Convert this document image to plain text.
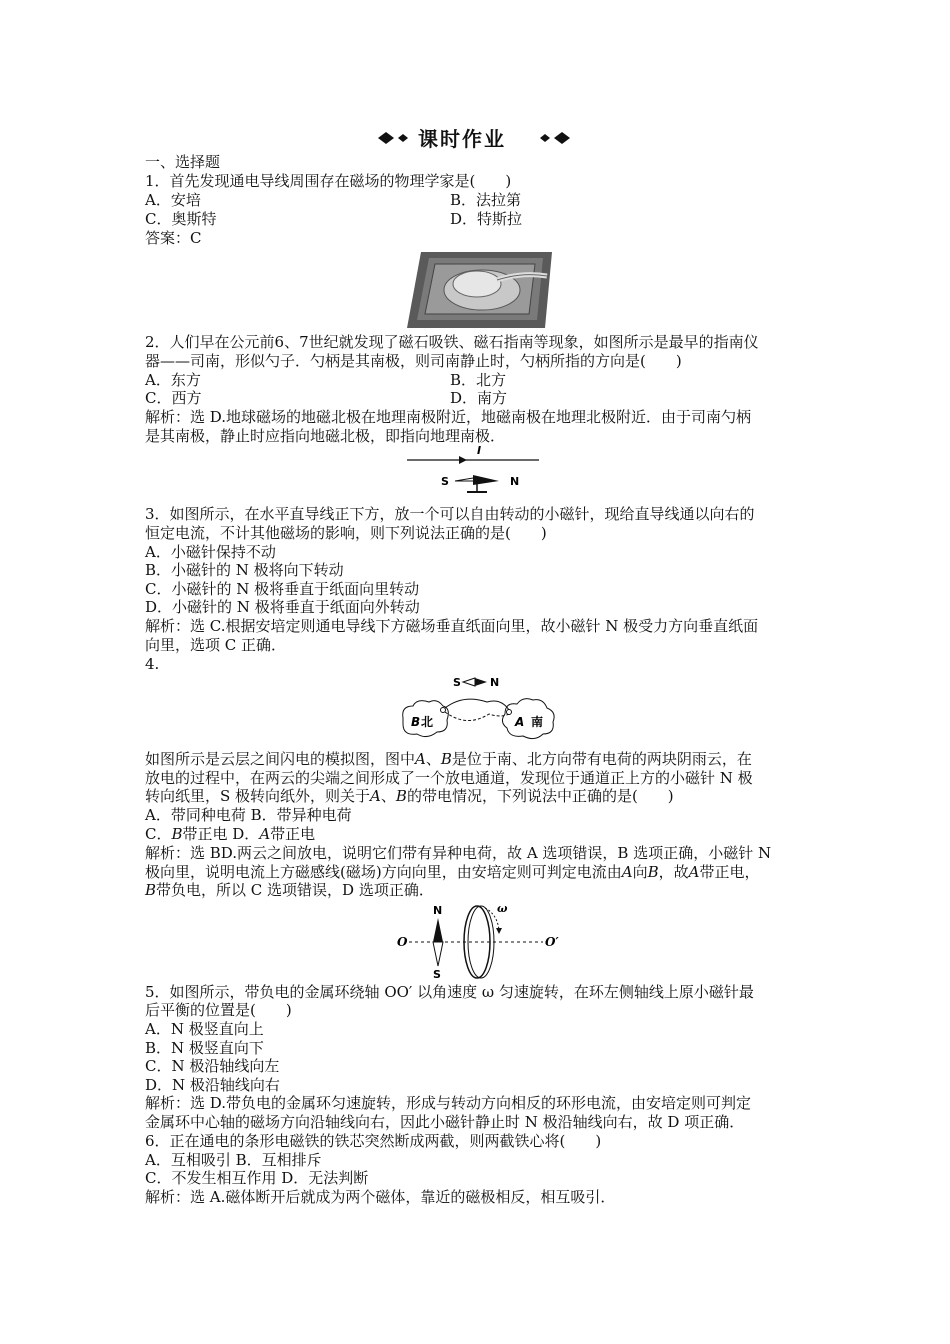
课时作业
一、选择题
1．首先发现通电导线周围存在磁场的物理学家是(　　)
A．安培	B．法拉第
C．奥斯特	D．特斯拉
答案：C
2．人们早在公元前6、7世纪就发现了磁石吸铁、磁石指南等现象，如图所示是最早的指南仪
器——司南，形似勺子．勺柄是其南极，则司南静止时，勺柄所指的方向是(　　)
A．东方	B．北方
C．西方	D．南方
解析：选 D.地球磁场的地磁北极在地理南极附近，地磁南极在地理北极附近．由于司南勺柄
是其南极，静止时应指向地磁北极，即指向地理南极．
I
S	N
3．如图所示，在水平直导线正下方，放一个可以自由转动的小磁针，现给直导线通以向右的
恒定电流，不计其他磁场的影响，则下列说法正确的是(　　)
A．小磁针保持不动
B．小磁针的 N 极将向下转动
C．小磁针的 N 极将垂直于纸面向里转动
D．小磁针的 N 极将垂直于纸面向外转动
解析：选 C.根据安培定则通电导线下方磁场垂直纸面向里，故小磁针 N 极受力方向垂直纸面
向里，选项 C 正确．
4.
S	N
B 北	A 南
如图所示是云层之间闪电的模拟图，图中A、B是位于南、北方向带有电荷的两块阴雨云，在
放电的过程中，在两云的尖端之间形成了一个放电通道，发现位于通道正上方的小磁针 N 极
转向纸里，S 极转向纸外，则关于A、B的带电情况，下列说法中正确的是(　　)
A．带同种电荷 B．带异种电荷
C．B带正电 D．A带正电
解析：选 BD.两云之间放电，说明它们带有异种电荷，故 A 选项错误，B 选项正确，小磁针 N
极向里，说明电流上方磁感线(磁场)方向向里，由安培定则可判定电流由A向B，故A带正电，
B带负电，所以 C 选项错误，D 选项正确．
N
S
O	O′
ω
5．如图所示，带负电的金属环绕轴 OO′ 以角速度 ω 匀速旋转，在环左侧轴线上原小磁针最
后平衡的位置是(　　)
A．N 极竖直向上
B．N 极竖直向下
C．N 极沿轴线向左
D．N 极沿轴线向右
解析：选 D.带负电的金属环匀速旋转，形成与转动方向相反的环形电流，由安培定则可判定
金属环中心轴的磁场方向沿轴线向右，因此小磁针静止时 N 极沿轴线向右，故 D 项正确．
6．正在通电的条形电磁铁的铁芯突然断成两截，则两截铁心将(　　)
A．互相吸引 B．互相排斥
C．不发生相互作用 D．无法判断
解析：选 A.磁体断开后就成为两个磁体，靠近的磁极相反，相互吸引．
